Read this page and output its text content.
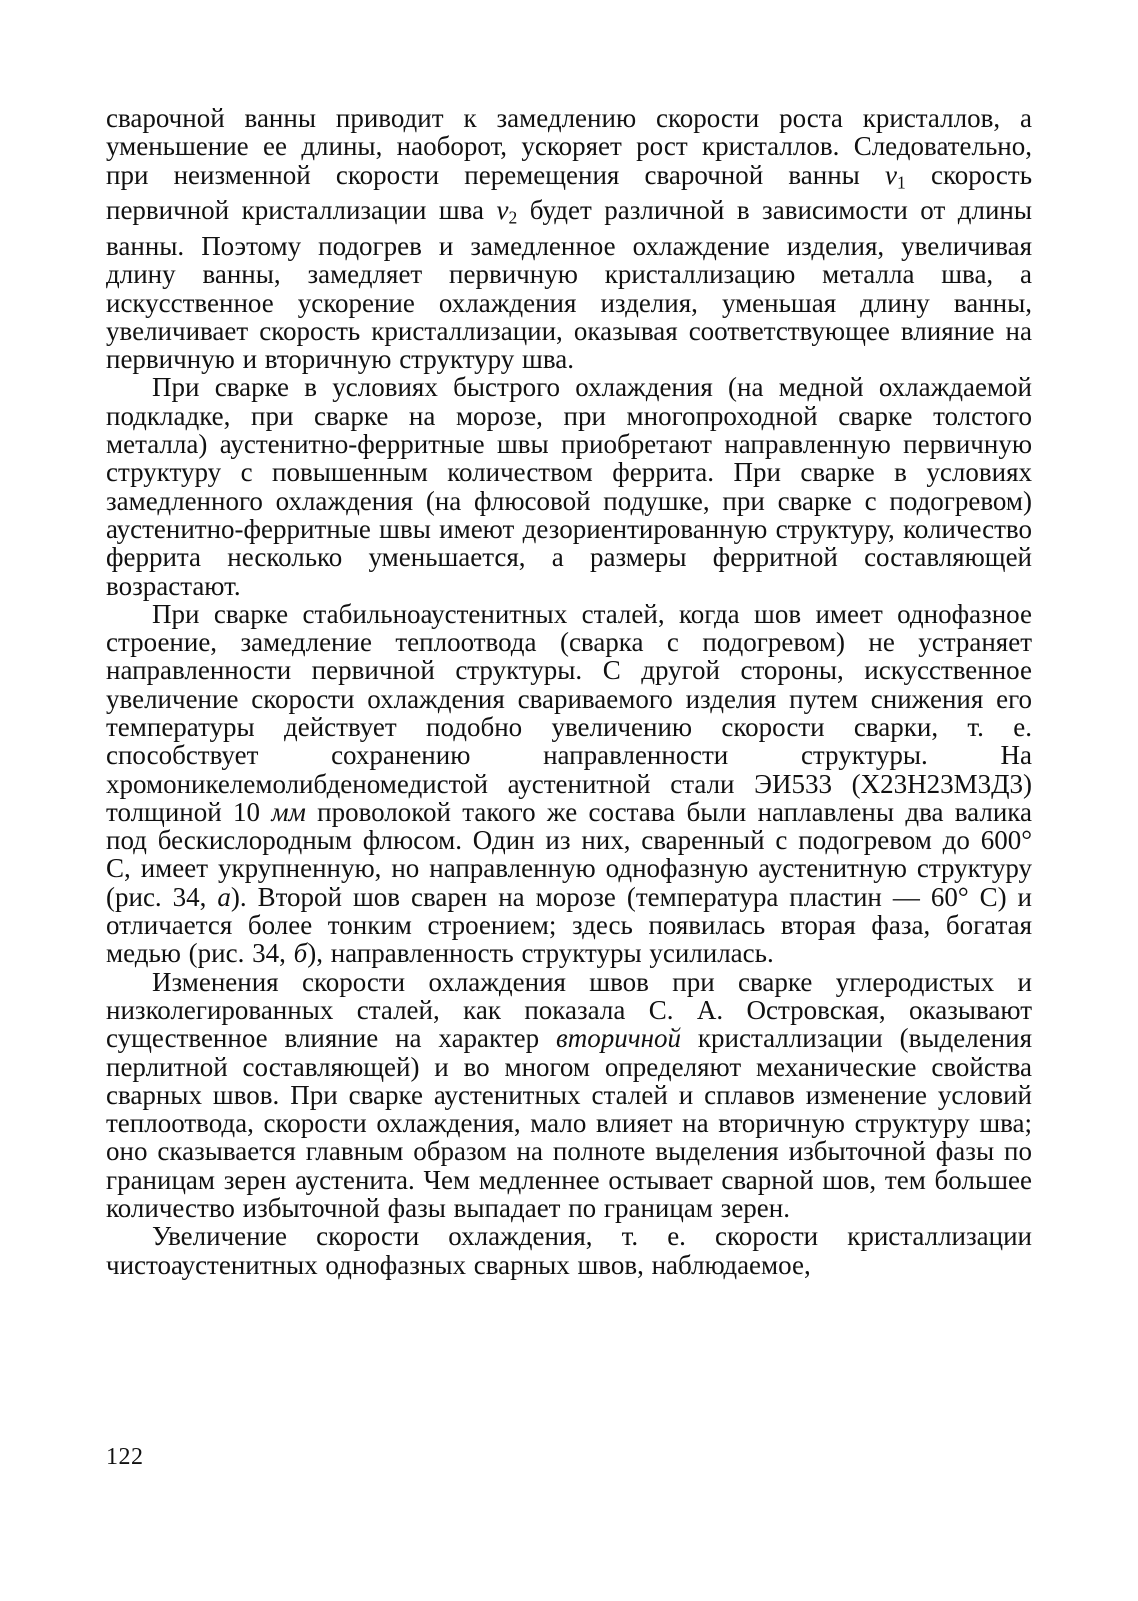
сварочной ванны приводит к замедлению скорости роста кристаллов, а уменьшение ее длины, наоборот, ускоряет рост кристаллов. Следовательно, при неизменной скорости перемещения сварочной ванны $v_1$ скорость первичной кристаллизации шва $v_2$ будет различной в зависимости от длины ванны. Поэтому подогрев и замедленное охлаждение изделия, увеличивая длину ванны, замедляет первичную кристаллизацию металла шва, а искусственное ускорение охлаждения изделия, уменьшая длину ванны, увеличивает скорость кристаллизации, оказывая соответствующее влияние на первичную и вторичную структуру шва.

При сварке в условиях быстрого охлаждения (на медной охлаждаемой подкладке, при сварке на морозе, при многопроходной сварке толстого металла) аустенитно-ферритные швы приобретают направленную первичную структуру с повышенным количеством феррита. При сварке в условиях замедленного охлаждения (на флюсовой подушке, при сварке с подогревом) аустенитно-ферритные швы имеют дезориентированную структуру, количество феррита несколько уменьшается, а размеры ферритной составляющей возрастают.

При сварке стабильноаустенитных сталей, когда шов имеет однофазное строение, замедление теплоотвода (сварка с подогревом) не устраняет направленности первичной структуры. С другой стороны, искусственное увеличение скорости охлаждения свариваемого изделия путем снижения его температуры действует подобно увеличению скорости сварки, т. е. способствует сохранению направленности структуры. На хромоникелемолибденомедистой аустенитной стали ЭИ533 (Х23Н23М3Д3) толщиной 10 мм проволокой такого же состава были наплавлены два валика под бескислородным флюсом. Один из них, сваренный с подогревом до 600° С, имеет укрупненную, но направленную однофазную аустенитную структуру (рис. 34, а). Второй шов сварен на морозе (температура пластин — 60° С) и отличается более тонким строением; здесь появилась вторая фаза, богатая медью (рис. 34, б), направленность структуры усилилась.

Изменения скорости охлаждения швов при сварке углеродистых и низколегированных сталей, как показала С. А. Островская, оказывают существенное влияние на характер вторичной кристаллизации (выделения перлитной составляющей) и во многом определяют механические свойства сварных швов. При сварке аустенитных сталей и сплавов изменение условий теплоотвода, скорости охлаждения, мало влияет на вторичную структуру шва; оно сказывается главным образом на полноте выделения избыточной фазы по границам зерен аустенита. Чем медленнее остывает сварной шов, тем большее количество избыточной фазы выпадает по границам зерен.

Увеличение скорости охлаждения, т. е. скорости кристаллизации чистоаустенитных однофазных сварных швов, наблюдаемое,

122
